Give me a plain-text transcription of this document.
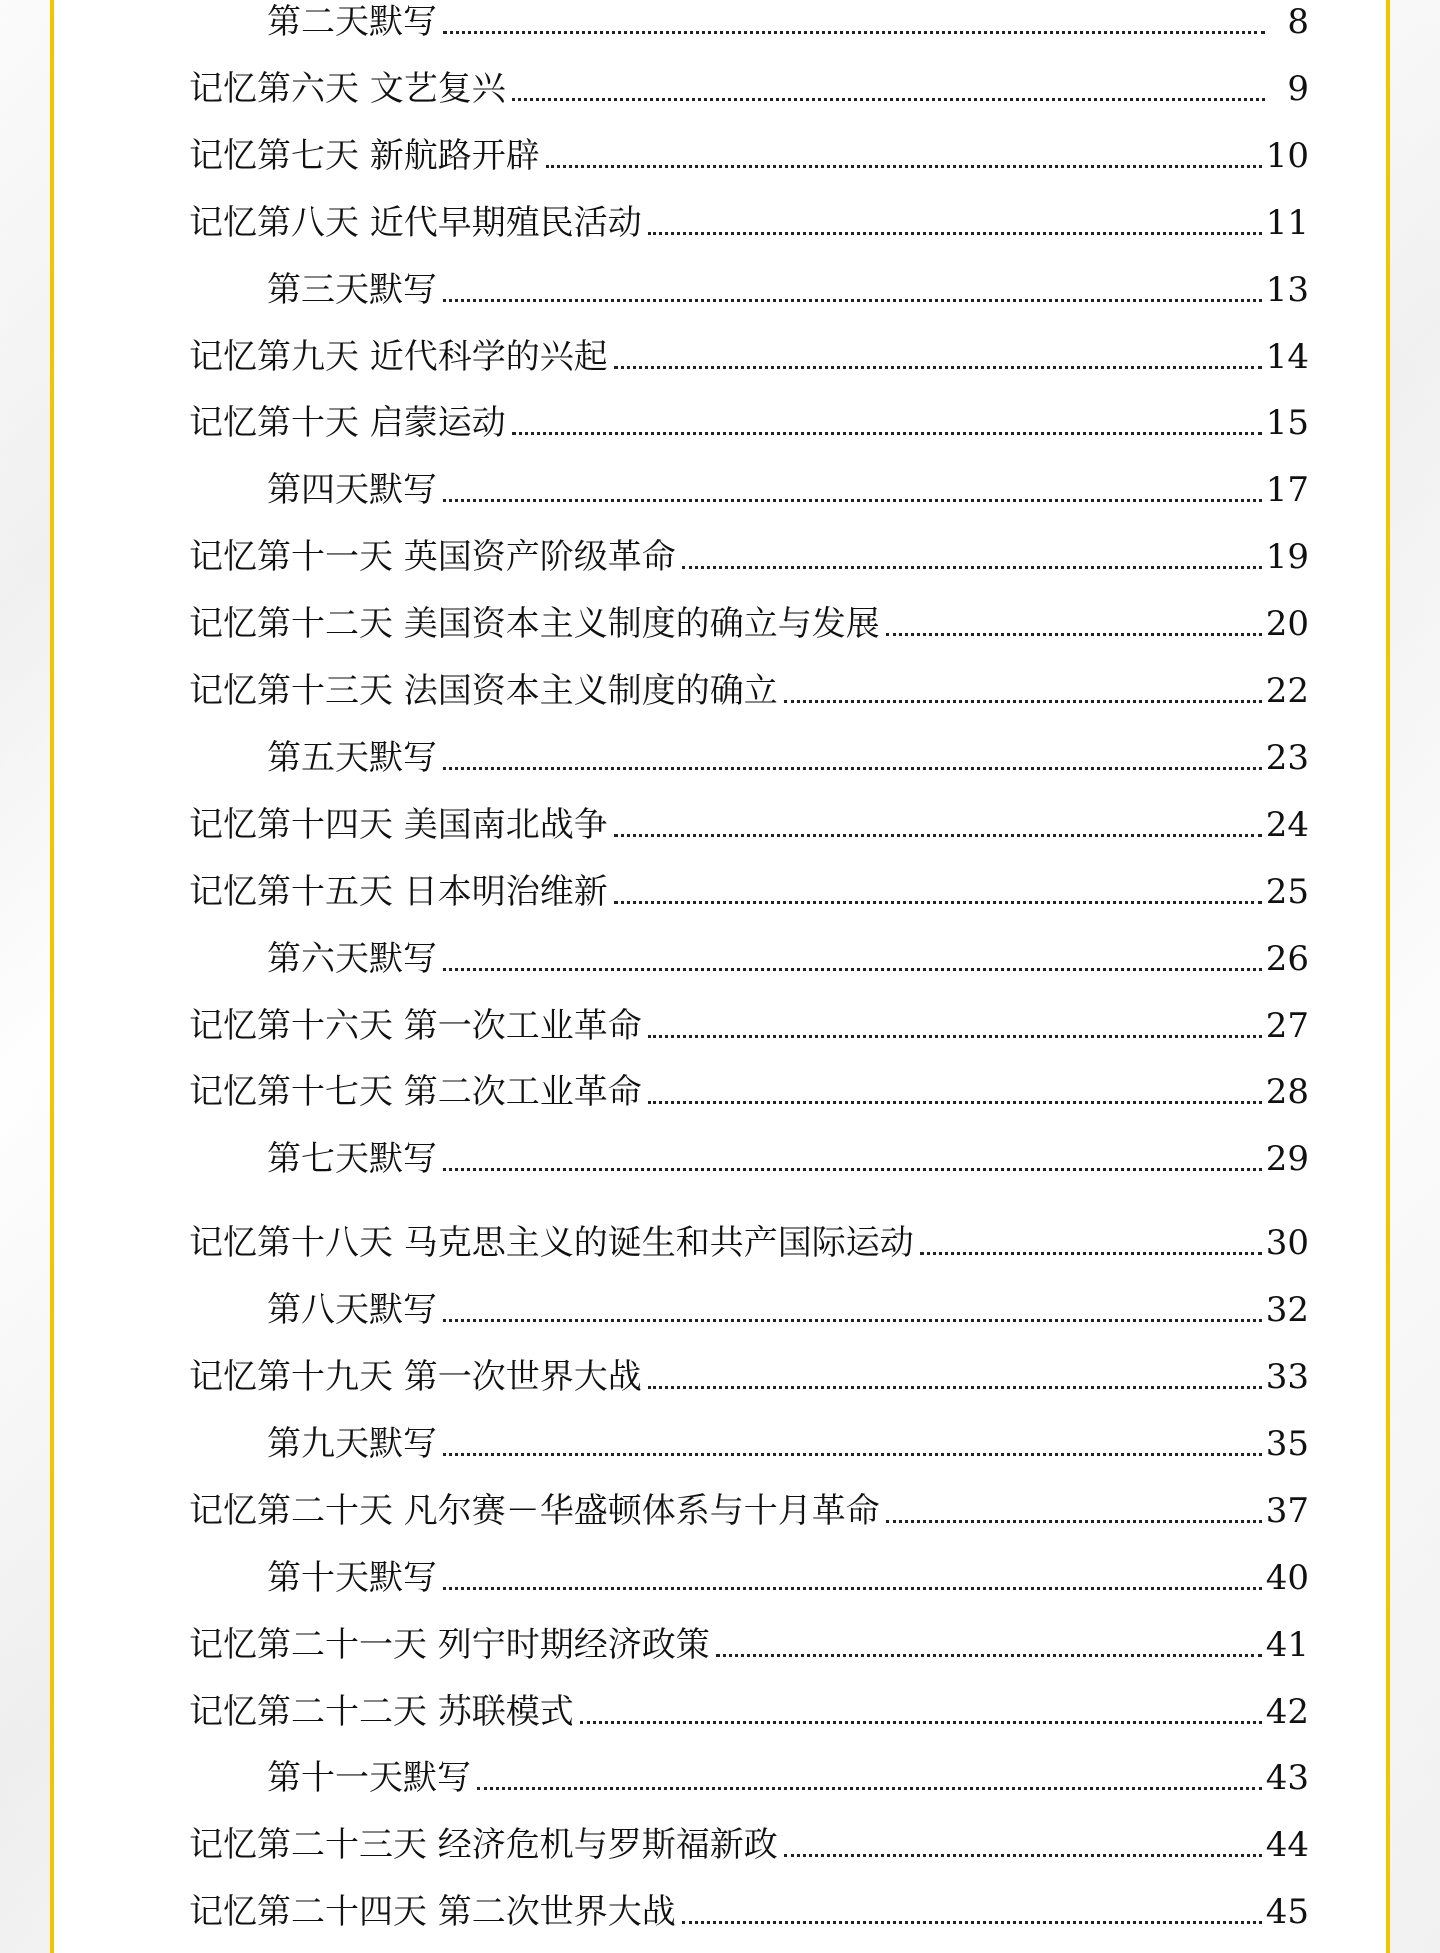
第二天默写	8
记忆第六天 文艺复兴	9
记忆第七天 新航路开辟	10
记忆第八天 近代早期殖民活动	11
第三天默写	13
记忆第九天 近代科学的兴起	14
记忆第十天 启蒙运动	15
第四天默写	17
记忆第十一天 英国资产阶级革命	19
记忆第十二天 美国资本主义制度的确立与发展	20
记忆第十三天 法国资本主义制度的确立	22
第五天默写	23
记忆第十四天 美国南北战争	24
记忆第十五天 日本明治维新	25
第六天默写	26
记忆第十六天 第一次工业革命	27
记忆第十七天 第二次工业革命	28
第七天默写	29
记忆第十八天 马克思主义的诞生和共产国际运动	30
第八天默写	32
记忆第十九天 第一次世界大战	33
第九天默写	35
记忆第二十天 凡尔赛－华盛顿体系与十月革命	37
第十天默写	40
记忆第二十一天 列宁时期经济政策	41
记忆第二十二天 苏联模式	42
第十一天默写	43
记忆第二十三天 经济危机与罗斯福新政	44
记忆第二十四天 第二次世界大战	45
